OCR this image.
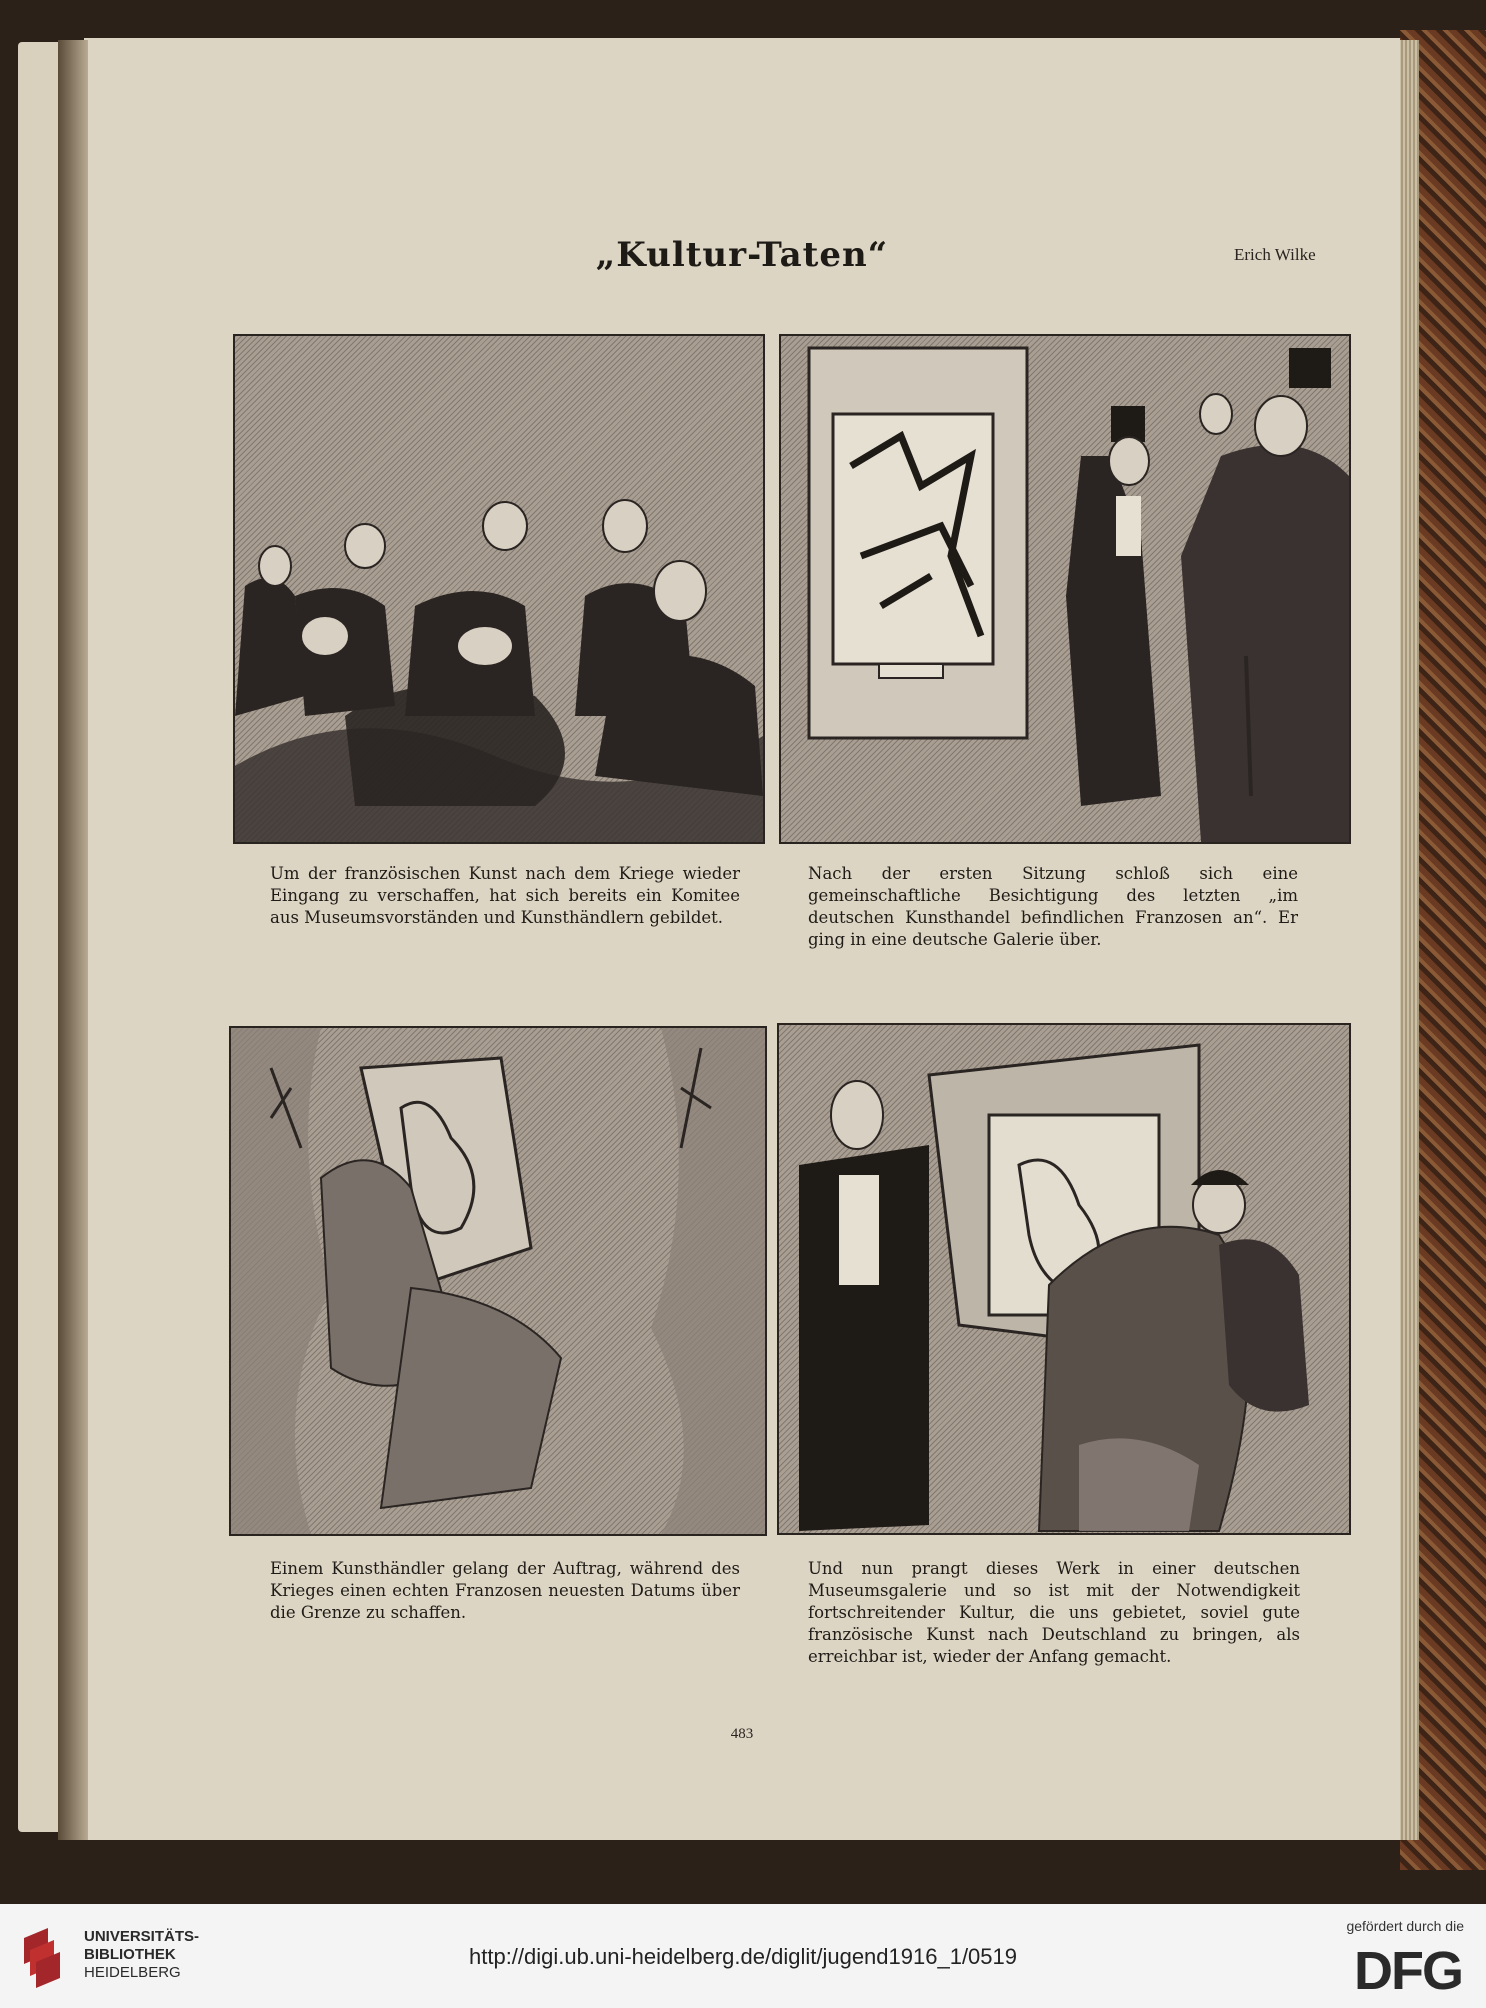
„Kultur-Taten“	Erich Wilke
Um der französischen Kunst nach dem Kriege wieder Eingang zu verschaffen, hat sich bereits ein Komitee aus Museumsvorständen und Kunsthändlern gebildet.
Nach der ersten Sitzung schloß sich eine gemeinschaftliche Besichtigung des letzten „im deutschen Kunsthandel befindlichen Franzosen an“. Er ging in eine deutsche Galerie über.
Einem Kunsthändler gelang der Auftrag, während des Krieges einen echten Franzosen neuesten Datums über die Grenze zu schaffen.
Und nun prangt dieses Werk in einer deutschen Museumsgalerie und so ist mit der Notwendigkeit fortschreitender Kultur, die uns gebietet, soviel gute französische Kunst nach Deutschland zu bringen, als erreichbar ist, wieder der Anfang gemacht.
483
UNIVERSITÄTS-
BIBLIOTHEK
HEIDELBERG
http://digi.ub.uni-heidelberg.de/diglit/jugend1916_1/0519
gefördert durch die
DFG
